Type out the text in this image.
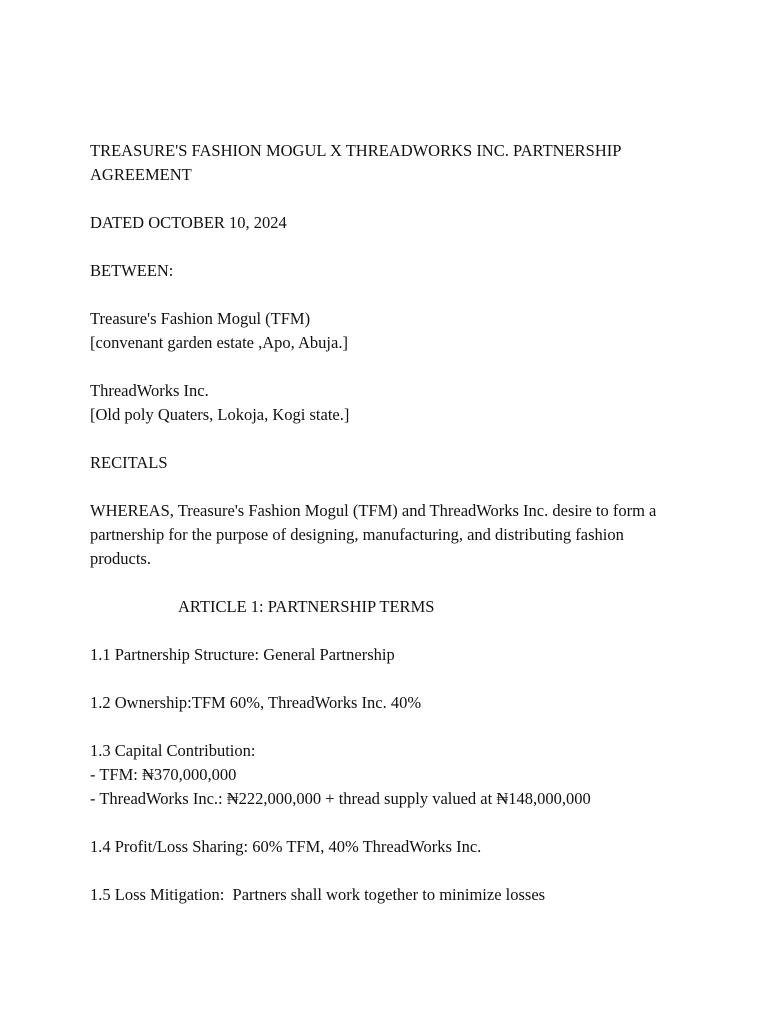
TREASURE'S FASHION MOGUL X THREADWORKS INC. PARTNERSHIP AGREEMENT

DATED OCTOBER 10, 2024

BETWEEN:

Treasure's Fashion Mogul (TFM)
[convenant garden estate ,Apo, Abuja.]
ThreadWorks Inc.
[Old poly Quaters, Lokoja, Kogi state.]

RECITALS

WHEREAS, Treasure's Fashion Mogul (TFM) and ThreadWorks Inc. desire to form a partnership for the purpose of designing, manufacturing, and distributing fashion products.

ARTICLE 1: PARTNERSHIP TERMS

1.1 Partnership Structure: General Partnership

1.2 Ownership:TFM 60%, ThreadWorks Inc. 40%

1.3 Capital Contribution:
- TFM: ₦370,000,000
- ThreadWorks Inc.: ₦222,000,000 + thread supply valued at ₦148,000,000

1.4 Profit/Loss Sharing: 60% TFM, 40% ThreadWorks Inc.

1.5 Loss Mitigation:  Partners shall work together to minimize losses
